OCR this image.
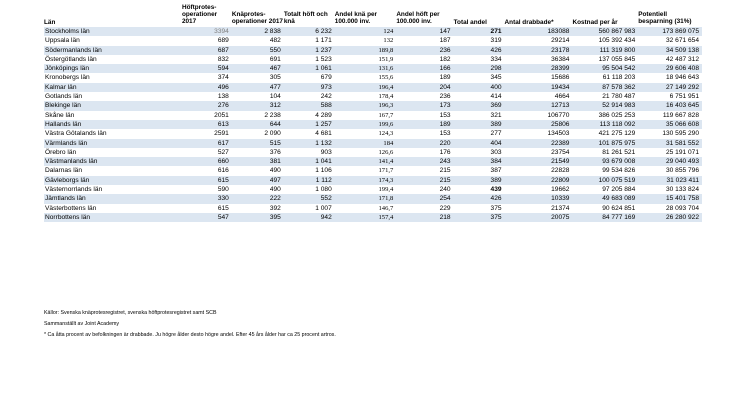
Län	Höftprotes-operationer 2017	Knäprotes-operationer 2017	Totalt höft och knä	Andel knä per 100.000 inv.	Andel höft per 100.000 inv.	Total andel	Antal drabbade*	Kostnad per år	Potentiell besparning (31%)
Stockholms län	3394	2 838	6 232	124	147	271	183088	560 867 983	173 869 075
Uppsala län	689	482	1 171	132	187	319	29214	105 392 434	32 671 654
Södermanlands län	687	550	1 237	189,8	236	426	23178	111 319 800	34 509 138
Östergötlands län	832	691	1 523	151,9	182	334	36384	137 055 845	42 487 312
Jönköpings län	594	467	1 061	131,6	166	298	28399	95 504 542	29 606 408
Kronobergs län	374	305	679	155,6	189	345	15686	61 118 203	18 946 643
Kalmar län	496	477	973	196,4	204	400	19434	87 578 362	27 149 292
Gotlands län	138	104	242	178,4	236	414	4664	21 780 487	6 751 951
Blekinge län	276	312	588	196,3	173	369	12713	52 914 983	16 403 645
Skåne län	2051	2 238	4 289	167,7	153	321	106770	386 025 253	119 667 828
Hallands län	613	644	1 257	199,6	189	389	25806	113 118 092	35 066 608
Västra Götalands län	2591	2 090	4 681	124,3	153	277	134503	421 275 129	130 595 290
Värmlands län	617	515	1 132	184	220	404	22389	101 875 975	31 581 552
Örebro län	527	376	903	126,6	176	303	23754	81 261 521	25 191 071
Västmanlands län	660	381	1 041	141,4	243	384	21549	93 679 008	29 040 493
Dalarnas län	616	490	1 106	171,7	215	387	22828	99 534 826	30 855 796
Gävleborgs län	615	497	1 112	174,3	215	389	22809	100 075 519	31 023 411
Västernorrlands län	590	490	1 080	199,4	240	439	19662	97 205 884	30 133 824
Jämtlands län	330	222	552	171,8	254	426	10339	49 683 089	15 401 758
Västerbottens län	615	392	1 007	146,7	229	375	21374	90 624 851	28 093 704
Norrbottens län	547	395	942	157,4	218	375	20075	84 777 169	26 280 922

Källor: Svenska knäprotesregistret, svenska höftprotesregistret samt SCB

Sammanställt av Joint Academy

* Ca åtta procent av befolkningen är drabbade. Ju högre ålder desto högre andel. Efter 45 års ålder har ca 25 procent artros.
